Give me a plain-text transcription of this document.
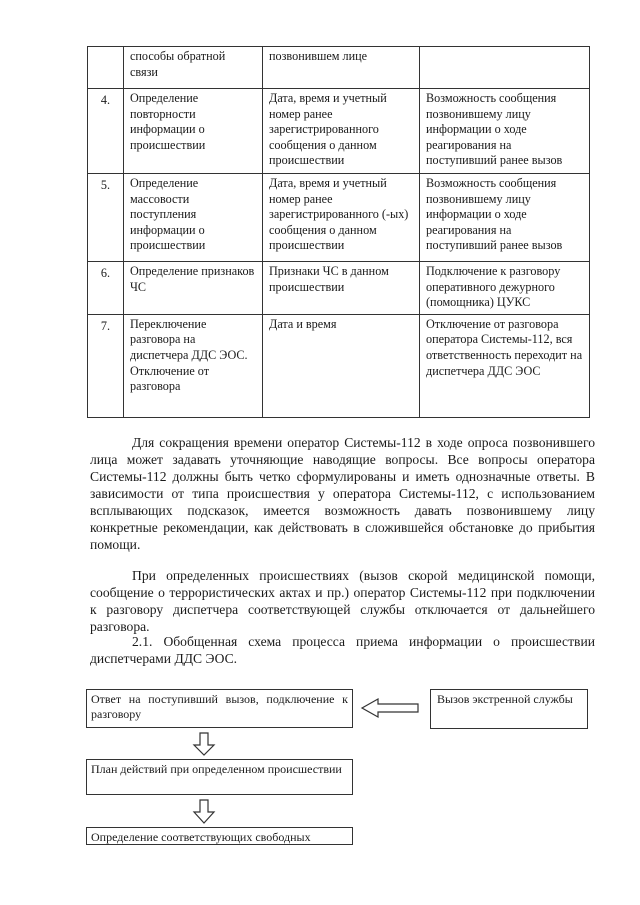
	способы обратной связи	позвонившем лице	
4.	Определение повторности информации о происшествии	Дата, время и учетный номер ранее зарегистрированного сообщения о данном происшествии	Возможность сообщения позвонившему лицу информации о ходе реагирования на поступивший ранее вызов
5.	Определение массовости поступления информации о происшествии	Дата, время и учетный номер ранее зарегистрированного (-ых) сообщения о данном происшествии	Возможность сообщения позвонившему лицу информации о ходе реагирования на поступивший ранее вызов
6.	Определение признаков ЧС	Признаки ЧС в данном происшествии	Подключение к разговору оперативного дежурного (помощника) ЦУКС
7.	Переключение разговора на диспетчера ДДС ЭОС. Отключение от разговора	Дата и время	Отключение от разговора оператора Системы-112, вся ответственность переходит на диспетчера ДДС ЭОС

Для сокращения времени оператор Системы-112 в ходе опроса позвонившего лица может задавать уточняющие наводящие вопросы. Все вопросы оператора Системы-112 должны быть четко сформулированы и иметь однозначные ответы. В зависимости от типа происшествия у оператора Системы-112, с использованием всплывающих подсказок, имеется возможность давать позвонившему лицу конкретные рекомендации, как действовать в сложившейся обстановке до прибытия помощи.

При определенных происшествиях (вызов скорой медицинской помощи, сообщение о террористических актах и пр.) оператор Системы-112 при подключении к разговору диспетчера соответствующей службы отключается от дальнейшего разговора.

2.1. Обобщенная схема процесса приема информации о происшествии диспетчерами ДДС ЭОС.

Ответ на поступивший вызов, подключение к разговору
Вызов экстренной службы
План действий при определенном происшествии
Определение соответствующих свободных
